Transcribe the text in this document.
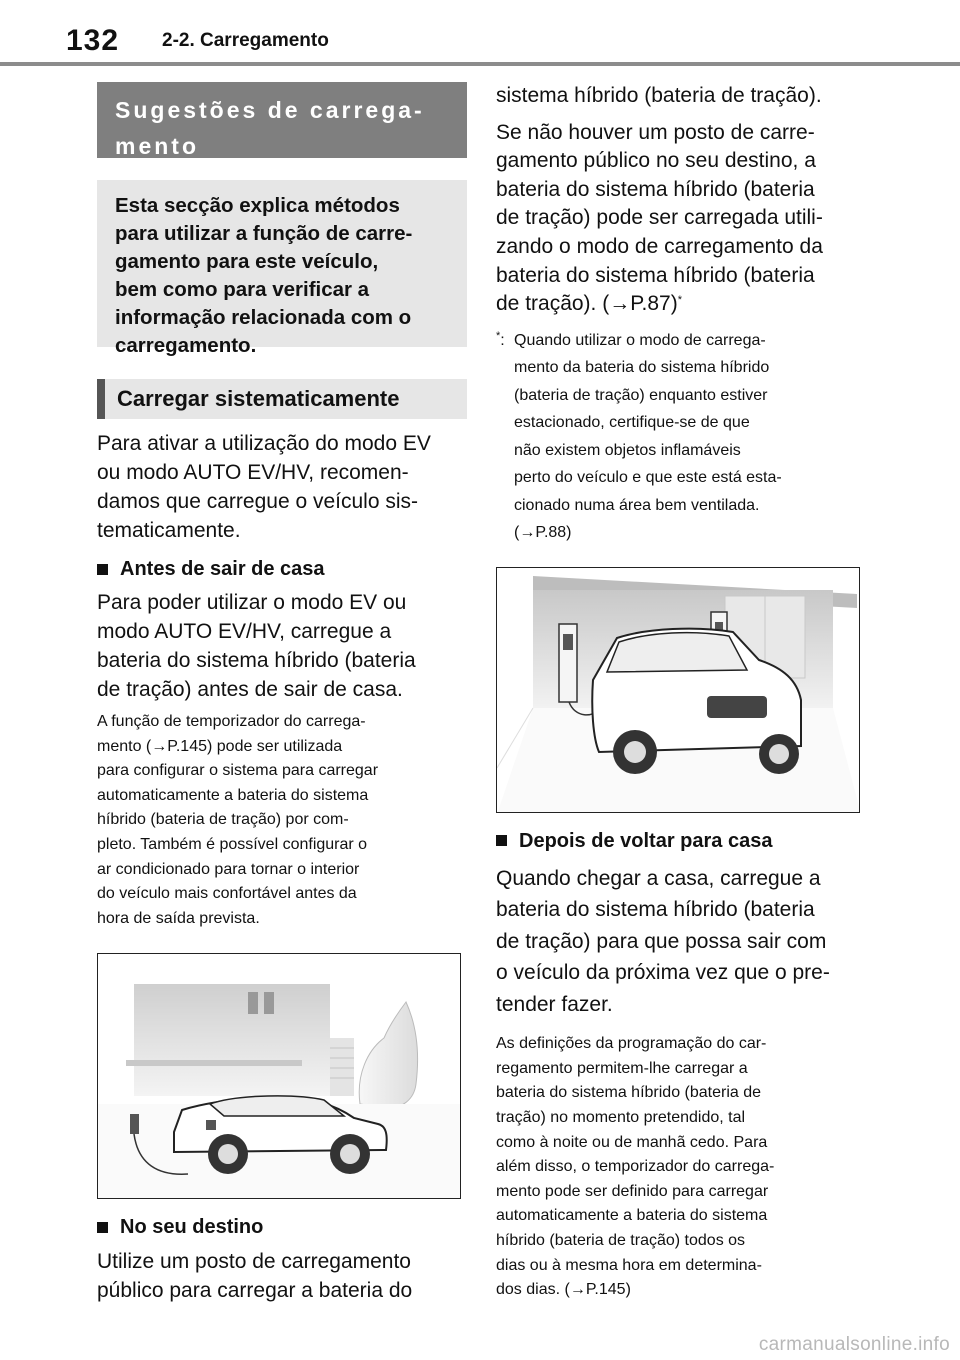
132 2-2. Carregamento
Sugestões de carrega-
mento
Esta secção explica métodos
para utilizar a função de carre-
gamento para este veículo,
bem como para verificar a
informação relacionada com o
carregamento.
Carregar sistematicamente
Para ativar a utilização do modo EV
ou modo AUTO EV/HV, recomen-
damos que carregue o veículo sis-
tematicamente.
Antes de sair de casa
Para poder utilizar o modo EV ou
modo AUTO EV/HV, carregue a
bateria do sistema híbrido (bateria
de tração) antes de sair de casa.
A função de temporizador do carrega-
mento (→P.145) pode ser utilizada
para configurar o sistema para carregar
automaticamente a bateria do sistema
híbrido (bateria de tração) por com-
pleto. Também é possível configurar o
ar condicionado para tornar o interior
do veículo mais confortável antes da
hora de saída prevista.
No seu destino
Utilize um posto de carregamento
público para carregar a bateria do
sistema híbrido (bateria de tração).
Se não houver um posto de carre-
gamento público no seu destino, a
bateria do sistema híbrido (bateria
de tração) pode ser carregada utili-
zando o modo de carregamento da
bateria do sistema híbrido (bateria
de tração). (→P.87)*
*: Quando utilizar o modo de carrega-
mento da bateria do sistema híbrido
(bateria de tração) enquanto estiver
estacionado, certifique-se de que
não existem objetos inflamáveis
perto do veículo e que este está esta-
cionado numa área bem ventilada.
(→P.88)
Depois de voltar para casa
Quando chegar a casa, carregue a
bateria do sistema híbrido (bateria
de tração) para que possa sair com
o veículo da próxima vez que o pre-
tender fazer.
As definições da programação do car-
regamento permitem-lhe carregar a
bateria do sistema híbrido (bateria de
tração) no momento pretendido, tal
como à noite ou de manhã cedo. Para
além disso, o temporizador do carrega-
mento pode ser definido para carregar
automaticamente a bateria do sistema
híbrido (bateria de tração) todos os
dias ou à mesma hora em determina-
dos dias. (→P.145)
carmanualsonline.info
